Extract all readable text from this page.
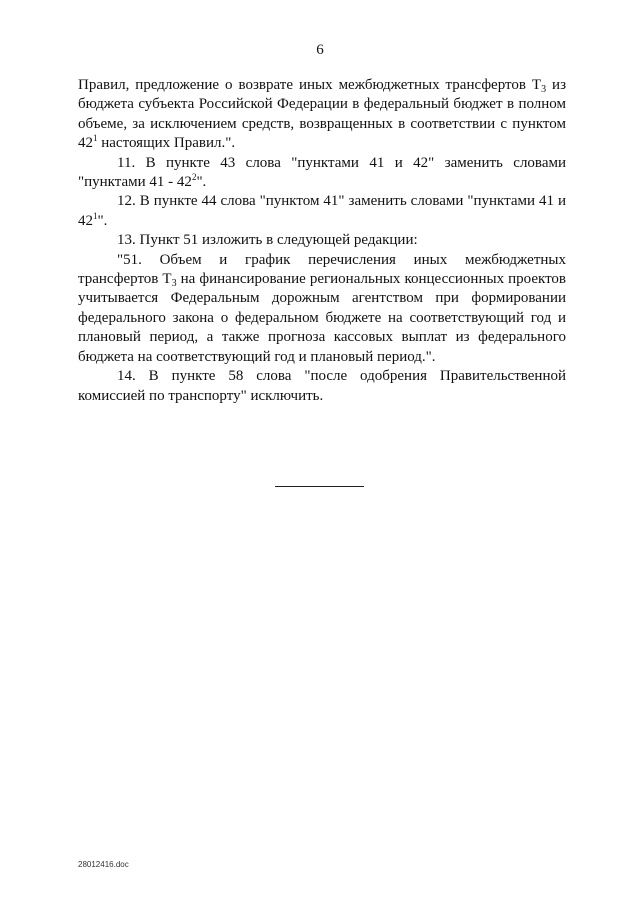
6

Правил, предложение о возврате иных межбюджетных трансфертов $Т_3$ из бюджета субъекта Российской Федерации в федеральный бюджет в полном объеме, за исключением средств, возвращенных в соответствии с пунктом $42^1$ настоящих Правил.".

11. В пункте 43 слова "пунктами 41 и 42" заменить словами "пунктами $41 - 42^2$".

12. В пункте 44 слова "пунктом 41" заменить словами "пунктами 41 и $42^1$".

13. Пункт 51 изложить в следующей редакции:

"51. Объем и график перечисления иных межбюджетных трансфертов $Т_3$ на финансирование региональных концессионных проектов учитывается Федеральным дорожным агентством при формировании федерального закона о федеральном бюджете на соответствующий год и плановый период, а также прогноза кассовых выплат из федерального бюджета на соответствующий год и плановый период.".

14. В пункте 58 слова "после одобрения Правительственной комиссией по транспорту" исключить.

28012416.doc
